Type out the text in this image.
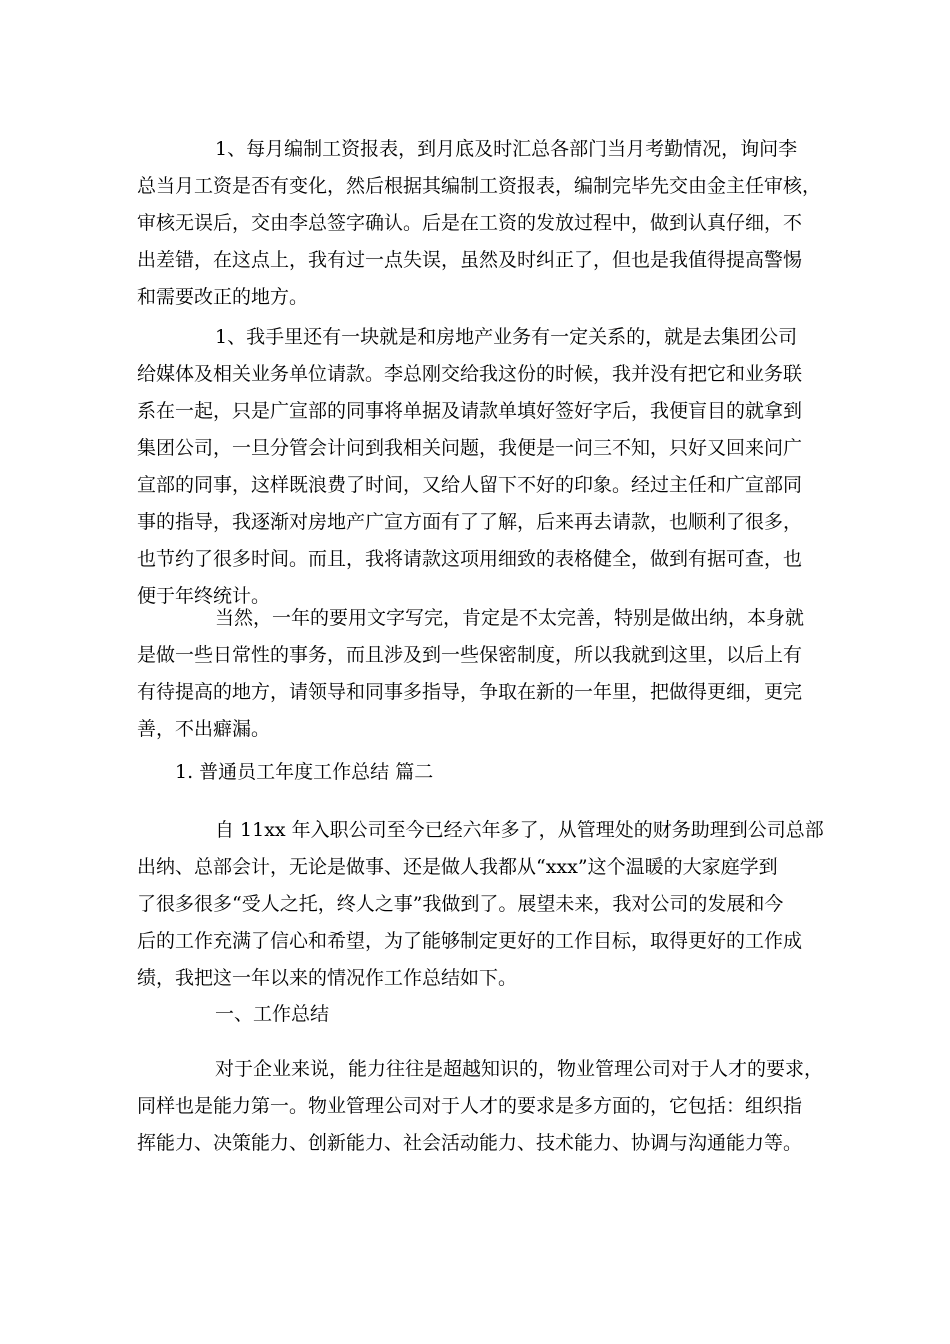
1、每月编制工资报表，到月底及时汇总各部门当月考勤情况，询问李
总当月工资是否有变化，然后根据其编制工资报表，编制完毕先交由金主任审核，
审核无误后，交由李总签字确认。后是在工资的发放过程中，做到认真仔细，不
出差错，在这点上，我有过一点失误，虽然及时纠正了，但也是我值得提高警惕
和需要改正的地方。
1、我手里还有一块就是和房地产业务有一定关系的，就是去集团公司
给媒体及相关业务单位请款。李总刚交给我这份的时候，我并没有把它和业务联
系在一起，只是广宣部的同事将单据及请款单填好签好字后，我便盲目的就拿到
集团公司，一旦分管会计问到我相关问题，我便是一问三不知，只好又回来问广
宣部的同事，这样既浪费了时间，又给人留下不好的印象。经过主任和广宣部同
事的指导，我逐渐对房地产广宣方面有了了解，后来再去请款，也顺利了很多，
也节约了很多时间。而且，我将请款这项用细致的表格健全，做到有据可查，也
便于年终统计。
当然，一年的要用文字写完，肯定是不太完善，特别是做出纳，本身就
是做一些日常性的事务，而且涉及到一些保密制度，所以我就到这里，以后上有
有待提高的地方，请领导和同事多指导，争取在新的一年里，把做得更细，更完
善，不出癖漏。
1. 普通员工年度工作总结 篇二
自 11xx 年入职公司至今已经六年多了，从管理处的财务助理到公司总部
出纳、总部会计，无论是做事、还是做人我都从“xxx”这个温暖的大家庭学到
了很多很多“受人之托，终人之事”我做到了。展望未来，我对公司的发展和今
后的工作充满了信心和希望，为了能够制定更好的工作目标，取得更好的工作成
绩，我把这一年以来的情况作工作总结如下。
一、工作总结
对于企业来说，能力往往是超越知识的，物业管理公司对于人才的要求，
同样也是能力第一。物业管理公司对于人才的要求是多方面的，它包括：组织指
挥能力、决策能力、创新能力、社会活动能力、技术能力、协调与沟通能力等。
